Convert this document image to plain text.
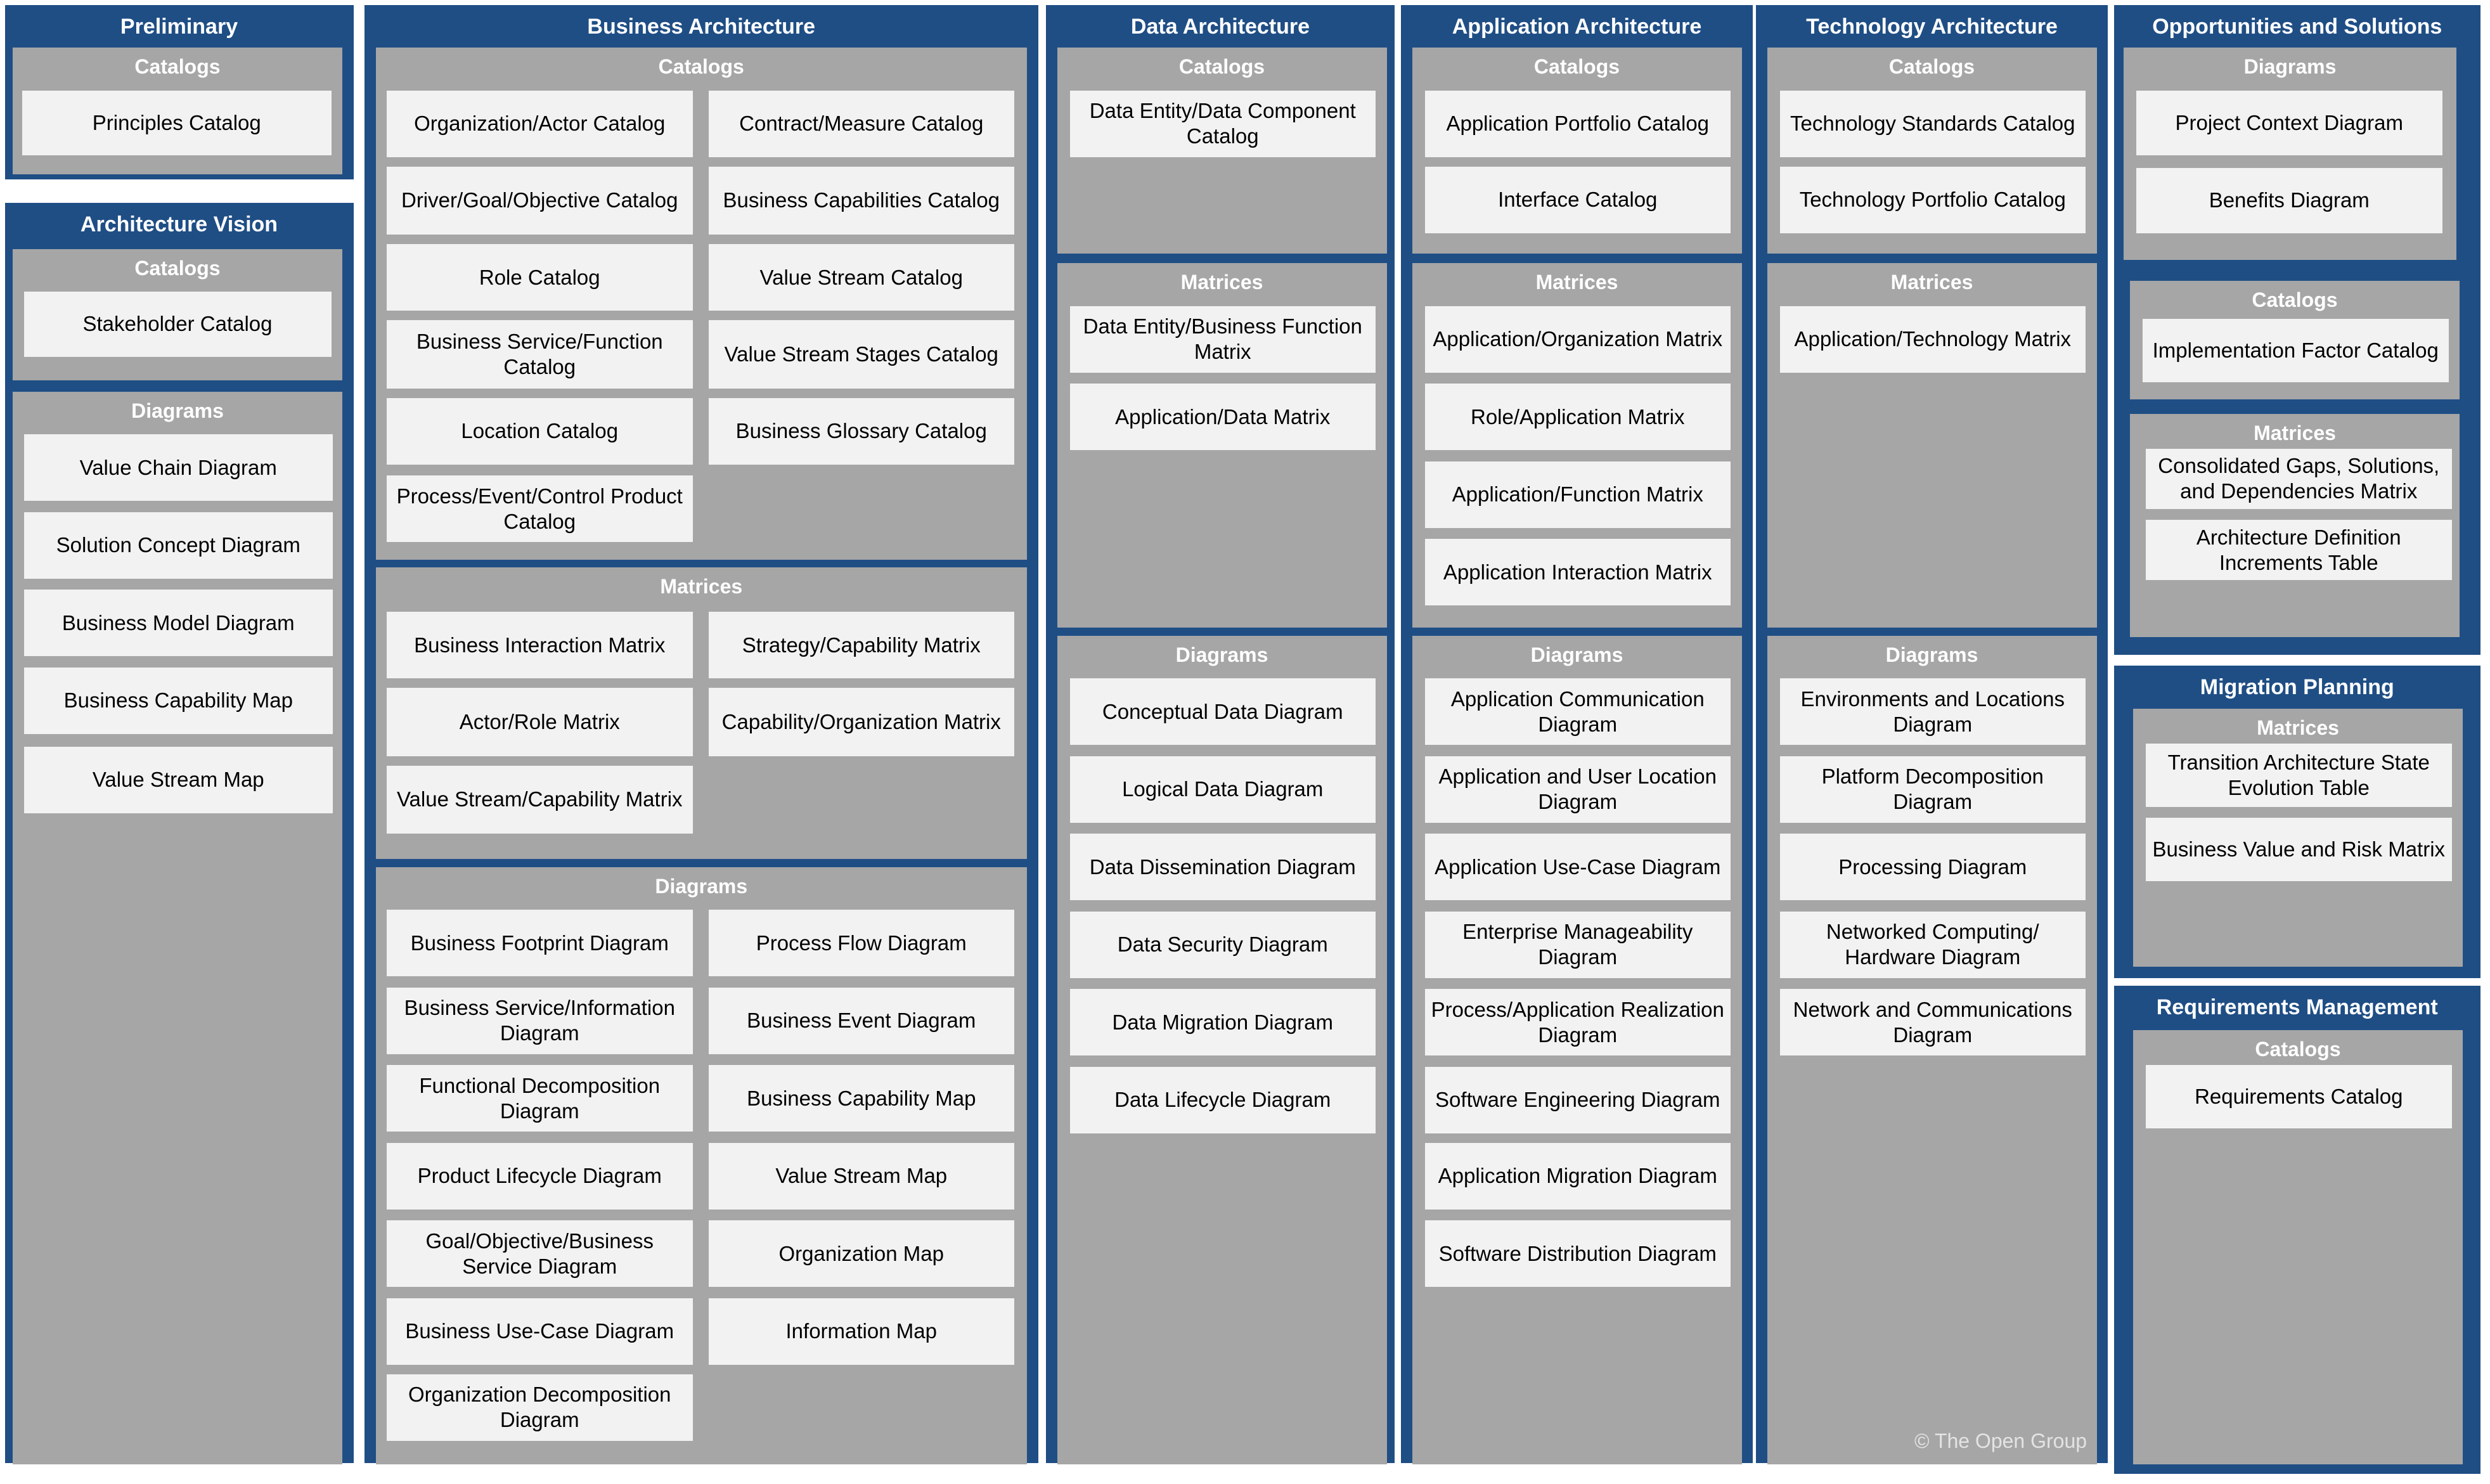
Preliminary
Architecture Vision
Business Architecture	Data Architecture	Application Architecture	Technology Architecture	Opportunities and Solutions
Migration Planning
Requirements Management
Catalogs
Principles Catalog
Catalogs
Stakeholder Catalog
Diagrams
Value Chain Diagram
Solution Concept Diagram
Business Model Diagram
Business Capability Map
Value Stream Map
Catalogs
Organization/Actor Catalog	Contract/Measure Catalog
Driver/Goal/Objective Catalog	Business Capabilities Catalog
Role Catalog	Value Stream Catalog
Business Service/Function Catalog
Value Stream Stages Catalog
Location Catalog	Business Glossary Catalog
Process/Event/Control Product Catalog
Matrices
Business Interaction Matrix	Strategy/Capability Matrix
Actor/Role Matrix	Capability/Organization Matrix
Value Stream/Capability Matrix
Diagrams
Business Footprint Diagram	Process Flow Diagram
Business Service/Information Diagram
Business Event Diagram
Functional Decomposition Diagram
Business Capability Map
Product Lifecycle Diagram	Value Stream Map
Goal/Objective/Business Service Diagram
Organization Map
Business Use-Case Diagram	Information Map
Organization Decomposition Diagram
Catalogs
Data Entity/Data Component Catalog
Matrices
Data Entity/Business Function Matrix
Application/Data Matrix
Diagrams
Conceptual Data Diagram
Logical Data Diagram
Data Dissemination Diagram
Data Security Diagram
Data Migration Diagram
Data Lifecycle Diagram
Catalogs
Application Portfolio Catalog
Interface Catalog
Matrices
Application/Organization Matrix
Role/Application Matrix
Application/Function Matrix
Application Interaction Matrix
Diagrams
Application Communication Diagram
Application and User Location Diagram
Application Use-Case Diagram
Enterprise Manageability Diagram
Process/Application Realization Diagram
Software Engineering Diagram
Application Migration Diagram
Software Distribution Diagram
Catalogs
Technology Standards Catalog
Technology Portfolio Catalog
Matrices
Application/Technology Matrix
Diagrams
Environments and Locations Diagram
Platform Decomposition Diagram
Processing Diagram
Networked Computing/ Hardware Diagram
Network and Communications Diagram
Diagrams
Project Context Diagram
Benefits Diagram
Catalogs
Implementation Factor Catalog
Matrices
Consolidated Gaps, Solutions, and Dependencies Matrix
Architecture Definition Increments Table
Matrices
Transition Architecture State Evolution Table
Business Value and Risk Matrix
Catalogs
Requirements Catalog
© The Open Group
